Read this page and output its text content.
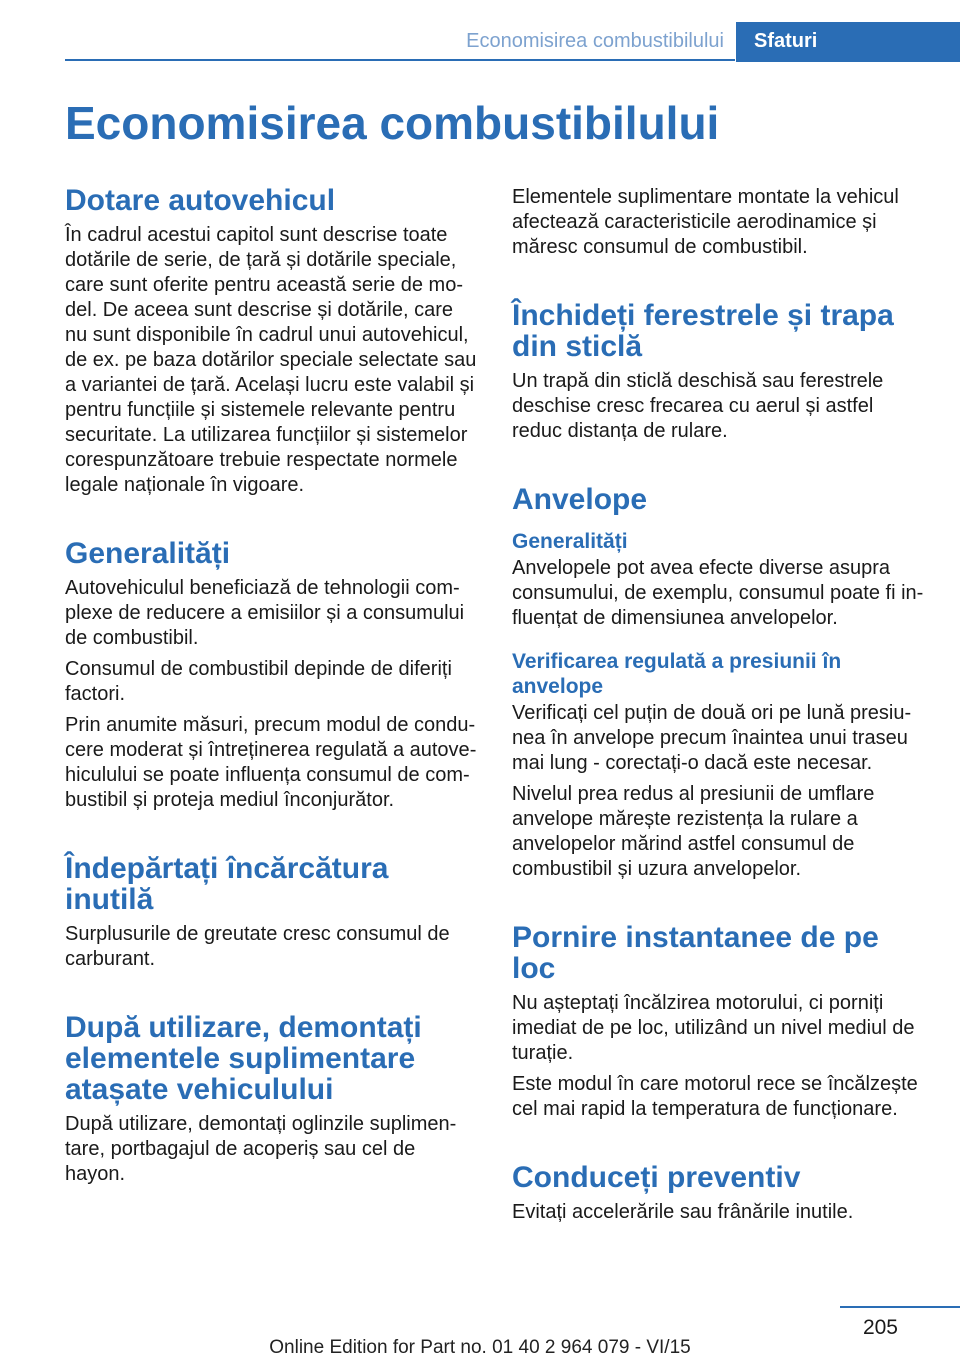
Economisirea combustibilului	Sfaturi
Economisirea combustibilului
Dotare autovehicul

În cadrul acestui capitol sunt descrise toate dotările de serie, de țară și dotările speciale, care sunt oferite pentru această serie de model. De aceea sunt descrise și dotările, care nu sunt disponibile în cadrul unui autovehicul, de ex. pe baza dotărilor speciale selectate sau a variantei de țară. Același lucru este valabil și pentru funcțiile și sistemele relevante pentru securitate. La utilizarea funcțiilor și sistemelor corespunzătoare trebuie respectate normele legale naționale în vigoare.

Generalități

Autovehiculul beneficiază de tehnologii complexe de reducere a emisiilor și a consumului de combustibil.

Consumul de combustibil depinde de diferiți factori.

Prin anumite măsuri, precum modul de conducere moderat și întreținerea regulată a autovehiculului se poate influența consumul de combustibil și proteja mediul înconjurător.

Îndepărtați încărcătura inutilă

Surplusurile de greutate cresc consumul de carburant.

După utilizare, demontați elementele suplimentare atașate vehiculului

După utilizare, demontați oglinzile suplimentare, portbagajul de acoperiș sau cel de hayon.

Elementele suplimentare montate la vehicul afectează caracteristicile aerodinamice și măresc consumul de combustibil.

Închideți ferestrele și trapa din sticlă

Un trapă din sticlă deschisă sau ferestrele deschise cresc frecarea cu aerul și astfel reduc distanța de rulare.

Anvelope
Generalități

Anvelopele pot avea efecte diverse asupra consumului, de exemplu, consumul poate fi influențat de dimensiunea anvelopelor.

Verificarea regulată a presiunii în anvelope

Verificați cel puțin de două ori pe lună presiunea în anvelope precum înaintea unui traseu mai lung - corectați-o dacă este necesar.

Nivelul prea redus al presiunii de umflare anvelope mărește rezistența la rulare a anvelopelor mărind astfel consumul de combustibil și uzura anvelopelor.

Pornire instantanee de pe loc

Nu așteptați încălzirea motorului, ci porniți imediat de pe loc, utilizând un nivel mediul de turație.

Este modul în care motorul rece se încălzește cel mai rapid la temperatura de funcționare.

Conduceți preventiv

Evitați accelerările sau frânările inutile.

205
Online Edition for Part no. 01 40 2 964 079 - VI/15
